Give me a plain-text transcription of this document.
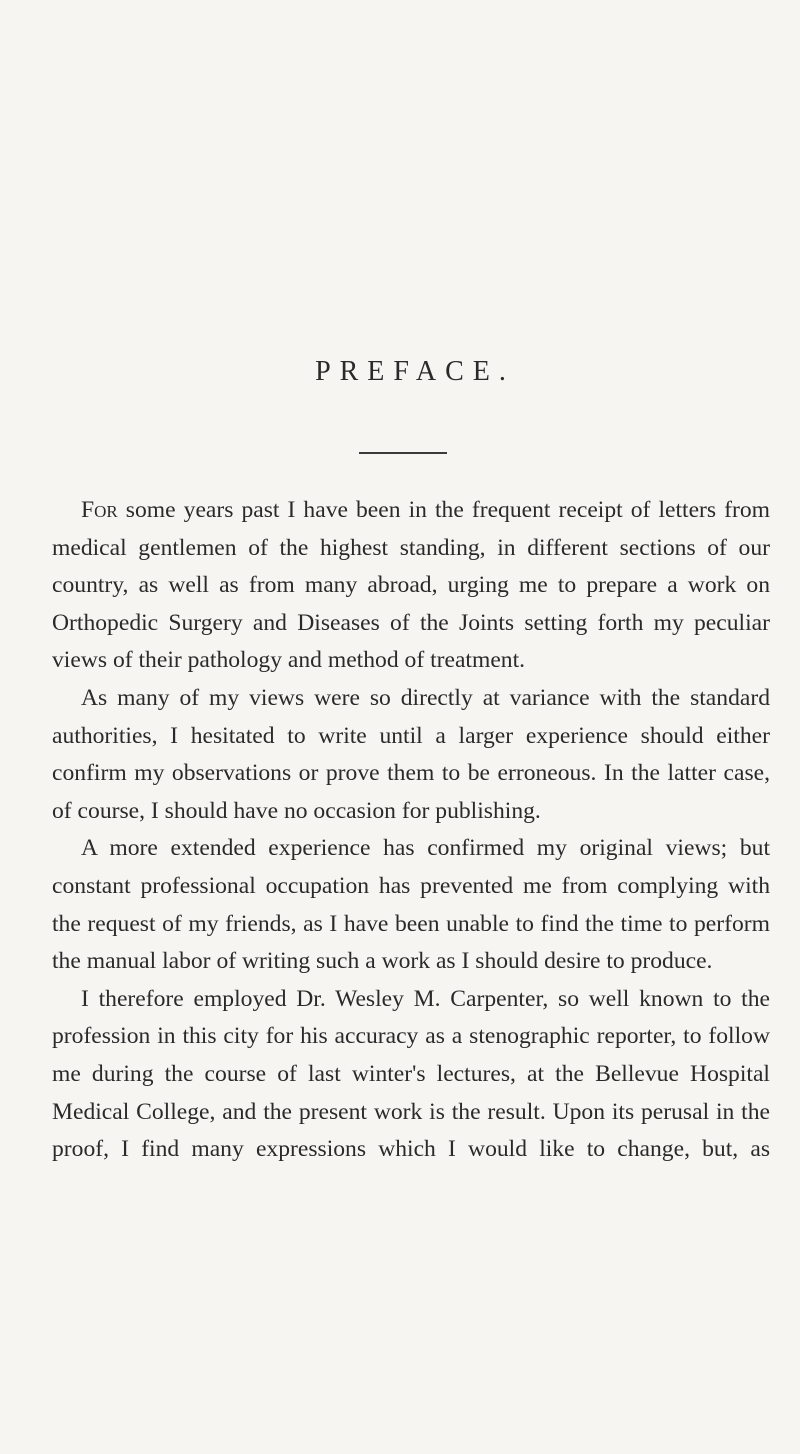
PREFACE.

For some years past I have been in the frequent receipt of letters from medical gentlemen of the highest standing, in different sections of our country, as well as from many abroad, urging me to prepare a work on Orthopedic Surgery and Diseases of the Joints setting forth my peculiar views of their pathology and method of treatment.

As many of my views were so directly at variance with the standard authorities, I hesitated to write until a larger experience should either confirm my observations or prove them to be erroneous. In the latter case, of course, I should have no occasion for publishing.

A more extended experience has confirmed my original views; but constant professional occupation has prevented me from complying with the request of my friends, as I have been unable to find the time to perform the manual labor of writing such a work as I should desire to produce.

I therefore employed Dr. Wesley M. Carpenter, so well known to the profession in this city for his accuracy as a stenographic reporter, to follow me during the course of last winter's lectures, at the Bellevue Hospital Medical College, and the present work is the result. Upon its perusal in the proof, I find many expressions which I would like to change, but, as
